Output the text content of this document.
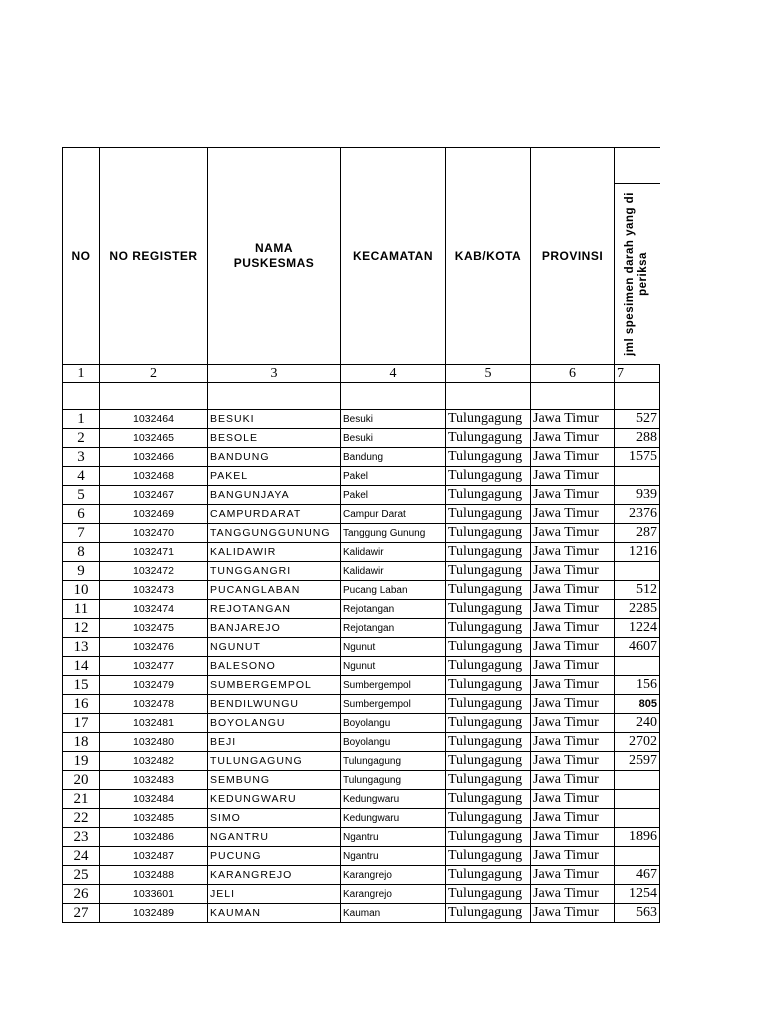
NO	NO REGISTER	NAMA PUSKESMAS	KECAMATAN	KAB/KOTA	PROVINSI	jml spesimen darah yang di periksa

1	2	3	4	5	6	7

1	1032464	BESUKI	Besuki	Tulungagung	Jawa Timur	527
2	1032465	BESOLE	Besuki	Tulungagung	Jawa Timur	288
3	1032466	BANDUNG	Bandung	Tulungagung	Jawa Timur	1575
4	1032468	PAKEL	Pakel	Tulungagung	Jawa Timur	
5	1032467	BANGUNJAYA	Pakel	Tulungagung	Jawa Timur	939
6	1032469	CAMPURDARAT	Campur Darat	Tulungagung	Jawa Timur	2376
7	1032470	TANGGUNGGUNUNG	Tanggung Gunung	Tulungagung	Jawa Timur	287
8	1032471	KALIDAWIR	Kalidawir	Tulungagung	Jawa Timur	1216
9	1032472	TUNGGANGRI	Kalidawir	Tulungagung	Jawa Timur	
10	1032473	PUCANGLABAN	Pucang Laban	Tulungagung	Jawa Timur	512
11	1032474	REJOTANGAN	Rejotangan	Tulungagung	Jawa Timur	2285
12	1032475	BANJAREJO	Rejotangan	Tulungagung	Jawa Timur	1224
13	1032476	NGUNUT	Ngunut	Tulungagung	Jawa Timur	4607
14	1032477	BALESONO	Ngunut	Tulungagung	Jawa Timur	
15	1032479	SUMBERGEMPOL	Sumbergempol	Tulungagung	Jawa Timur	156
16	1032478	BENDILWUNGU	Sumbergempol	Tulungagung	Jawa Timur	805
17	1032481	BOYOLANGU	Boyolangu	Tulungagung	Jawa Timur	240
18	1032480	BEJI	Boyolangu	Tulungagung	Jawa Timur	2702
19	1032482	TULUNGAGUNG	Tulungagung	Tulungagung	Jawa Timur	2597
20	1032483	SEMBUNG	Tulungagung	Tulungagung	Jawa Timur	
21	1032484	KEDUNGWARU	Kedungwaru	Tulungagung	Jawa Timur	
22	1032485	SIMO	Kedungwaru	Tulungagung	Jawa Timur	
23	1032486	NGANTRU	Ngantru	Tulungagung	Jawa Timur	1896
24	1032487	PUCUNG	Ngantru	Tulungagung	Jawa Timur	
25	1032488	KARANGREJO	Karangrejo	Tulungagung	Jawa Timur	467
26	1033601	JELI	Karangrejo	Tulungagung	Jawa Timur	1254
27	1032489	KAUMAN	Kauman	Tulungagung	Jawa Timur	563
